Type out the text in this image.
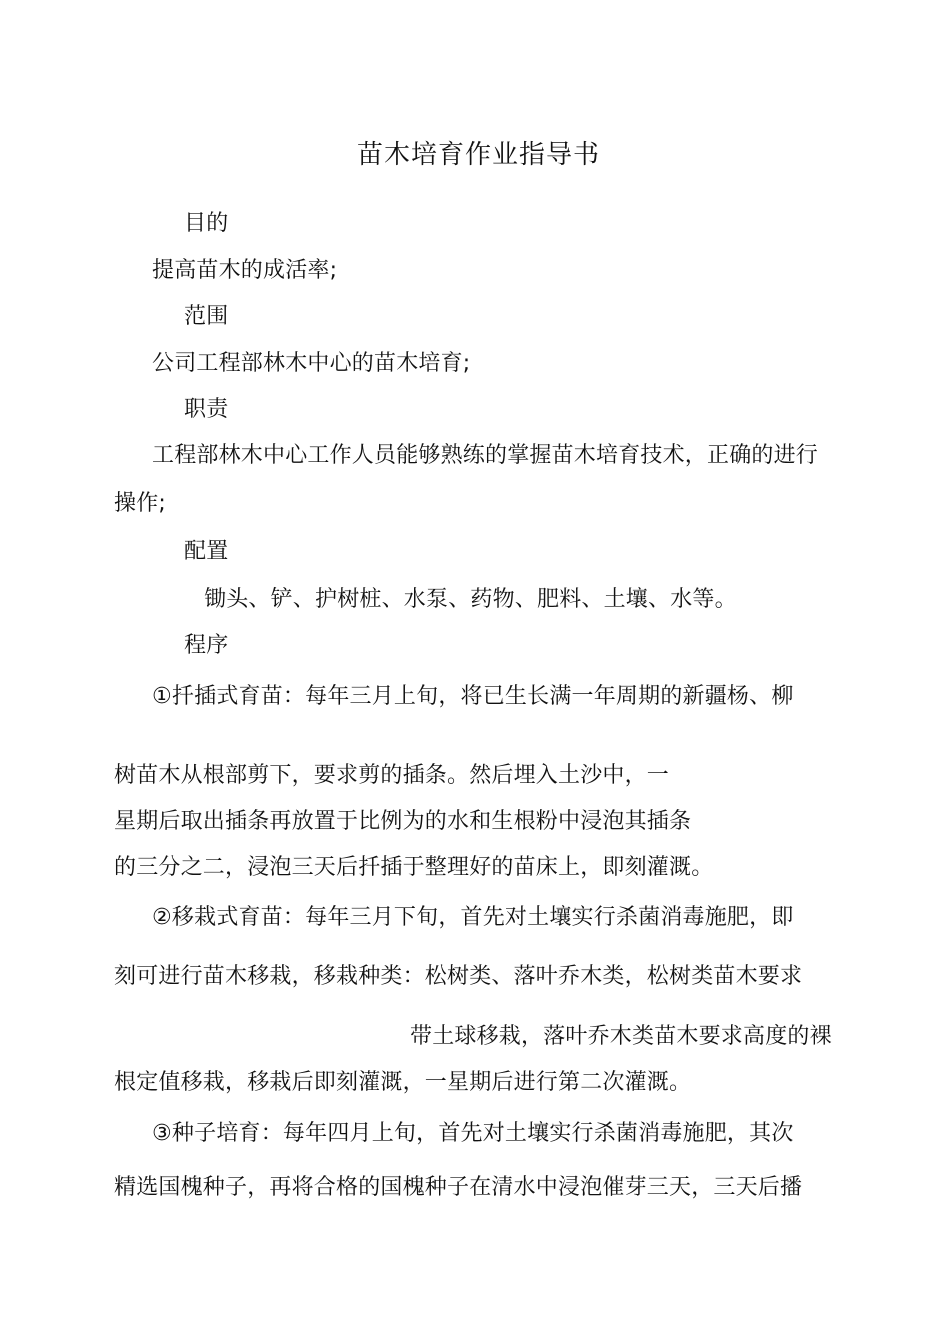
苗木培育作业指导书
目的
提高苗木的成活率;
范围
公司工程部林木中心的苗木培育;
职责
工程部林木中心工作人员能够熟练的掌握苗木培育技术，正确的进行
操作;
配置
锄头、铲、护树桩、水泵、药物、肥料、土壤、水等。
程序
①扦插式育苗：每年三月上旬，将已生长满一年周期的新疆杨、柳
树苗木从根部剪下，要求剪的插条。然后埋入土沙中，一
星期后取出插条再放置于比例为的水和生根粉中浸泡其插条
的三分之二，浸泡三天后扦插于整理好的苗床上，即刻灌溉。
②移栽式育苗：每年三月下旬，首先对土壤实行杀菌消毒施肥，即
刻可进行苗木移栽，移栽种类：松树类、落叶乔木类，松树类苗木要求
带土球移栽，落叶乔木类苗木要求高度的裸
根定值移栽，移栽后即刻灌溉，一星期后进行第二次灌溉。
③种子培育：每年四月上旬，首先对土壤实行杀菌消毒施肥，其次
精选国槐种子，再将合格的国槐种子在清水中浸泡催芽三天，三天后播
